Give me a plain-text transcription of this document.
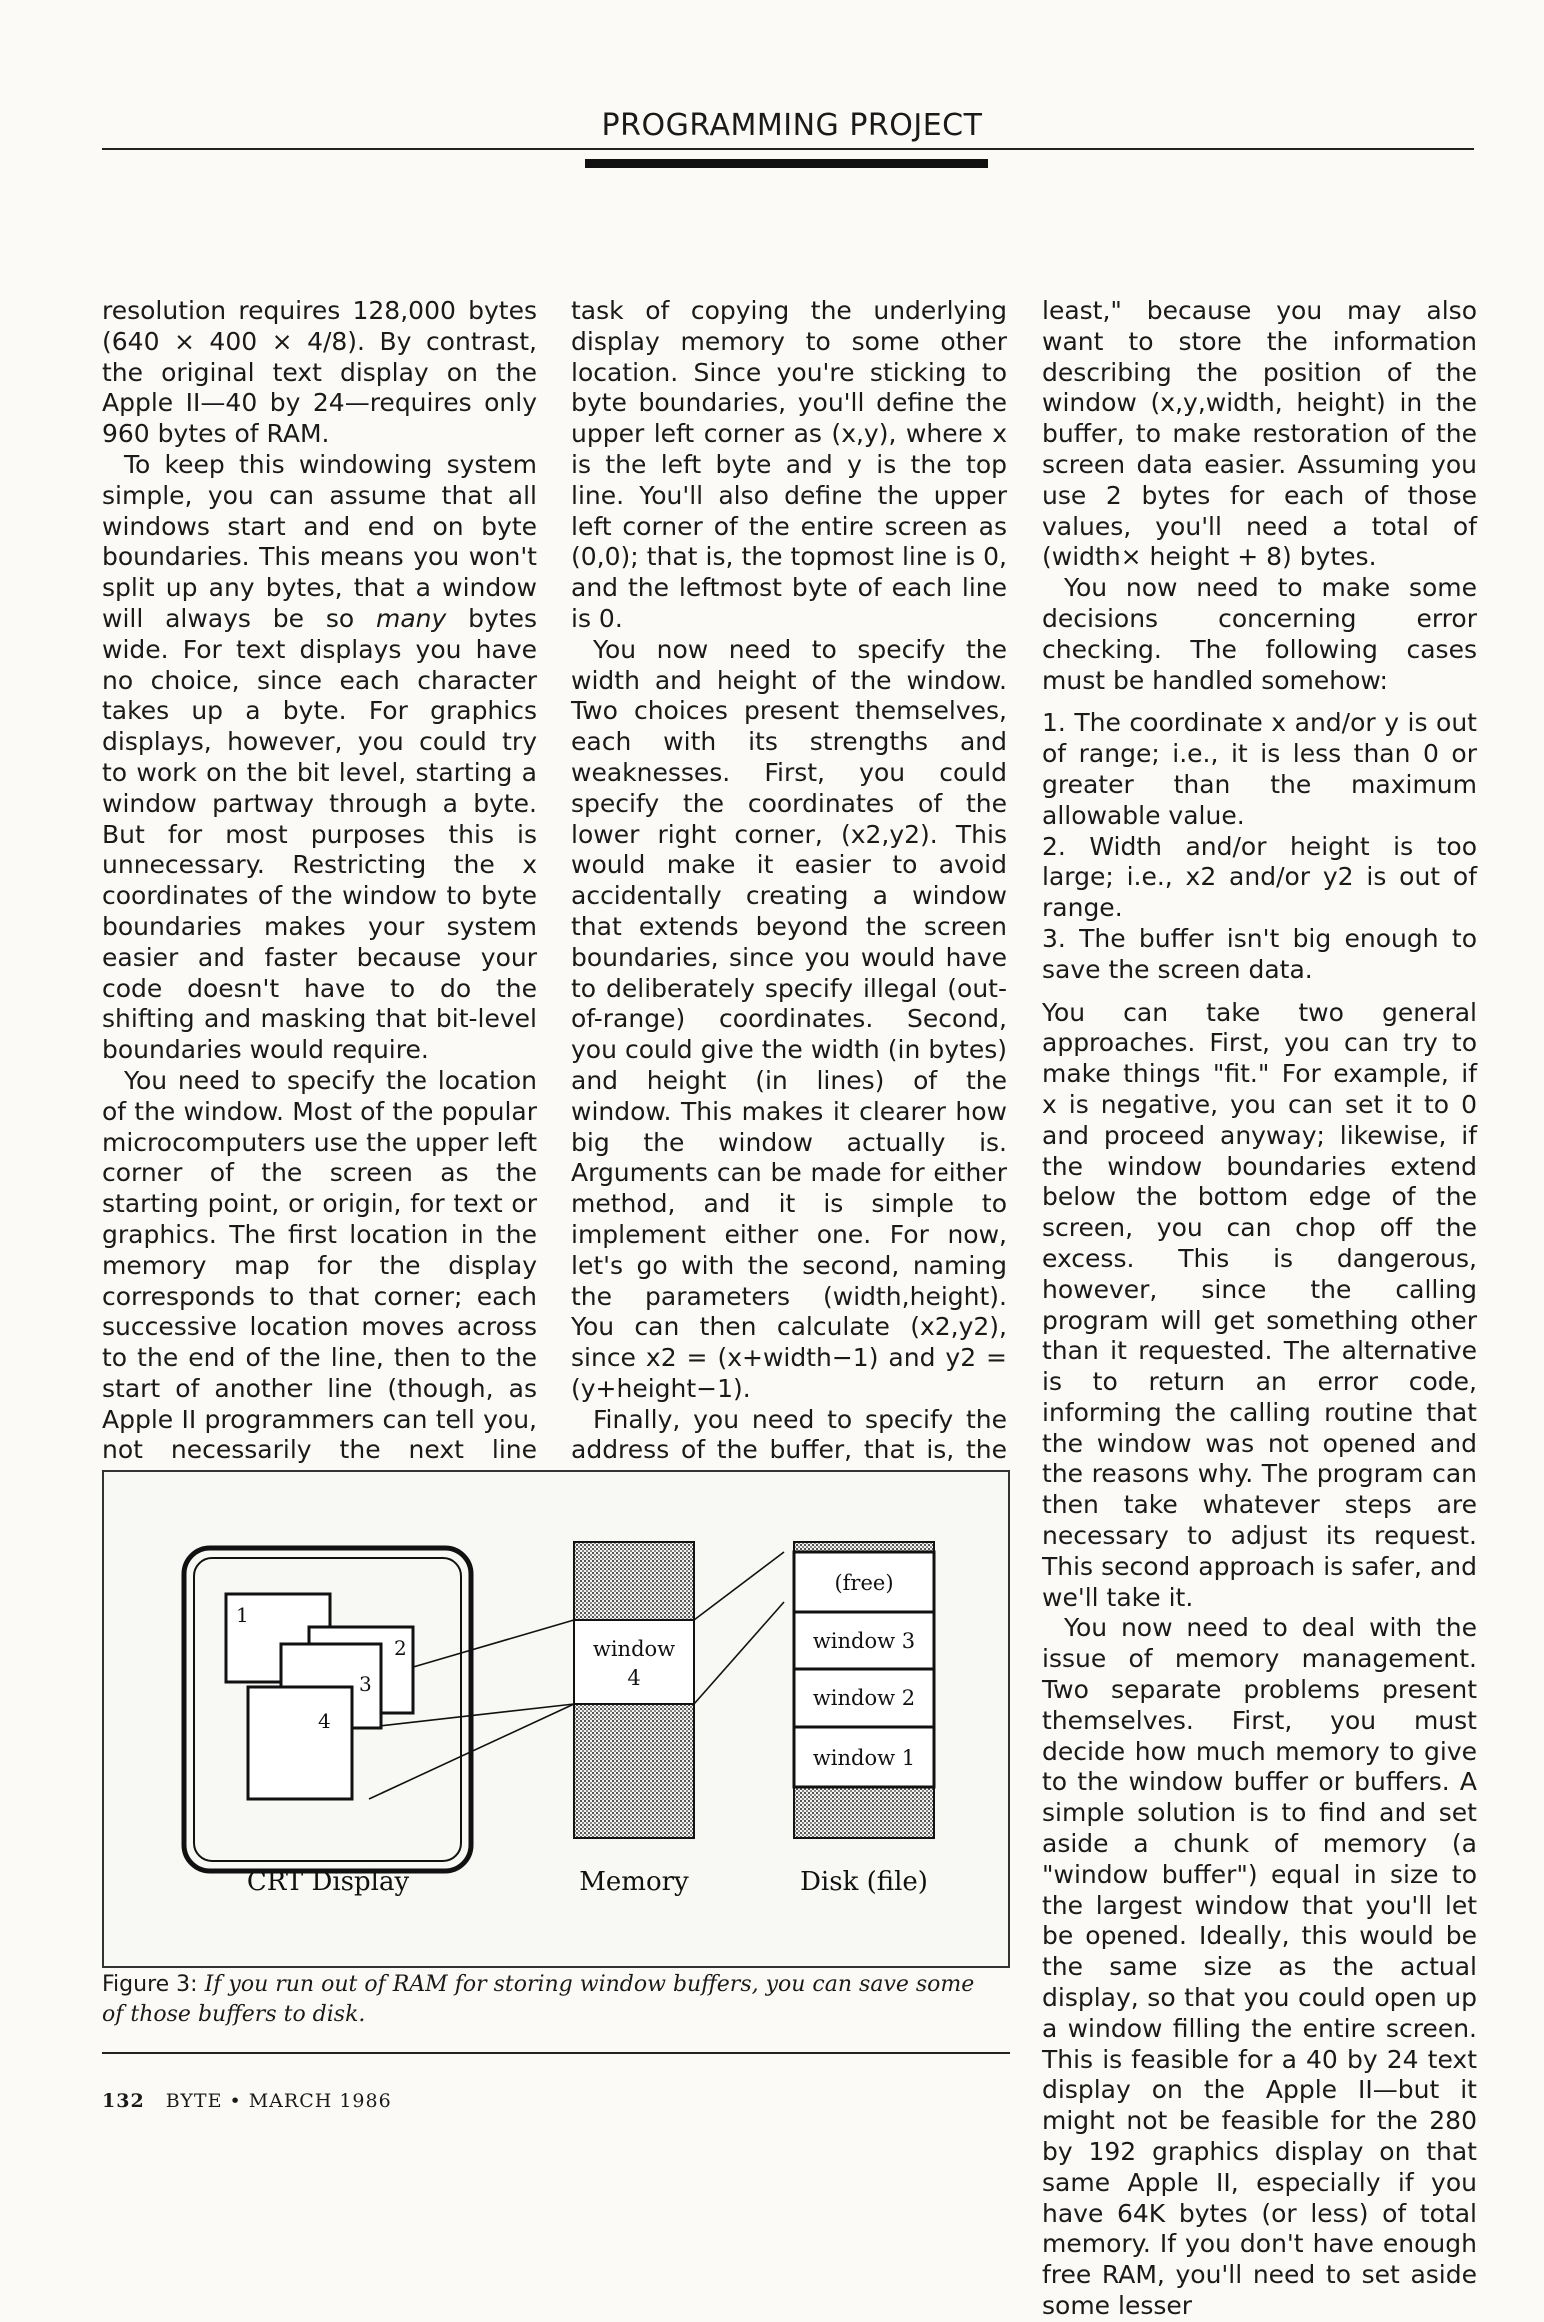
PROGRAMMING PROJECT

resolution requires 128,000 bytes (640 × 400 × 4/8). By contrast, the original text display on the Apple II—40 by 24—requires only 960 bytes of RAM.

To keep this windowing system simple, you can assume that all windows start and end on byte boundaries. This means you won't split up any bytes, that a window will always be so many bytes wide. For text displays you have no choice, since each character takes up a byte. For graphics displays, however, you could try to work on the bit level, starting a window partway through a byte. But for most purposes this is unnecessary. Restricting the x coordinates of the window to byte boundaries makes your system easier and faster because your code doesn't have to do the shifting and masking that bit-level boundaries would require.

You need to specify the location of the window. Most of the popular microcomputers use the upper left corner of the screen as the starting point, or origin, for text or graphics. The first location in the memory map for the display corresponds to that corner; each successive location moves across to the end of the line, then to the start of another line (though, as Apple II programmers can tell you, not necessarily the next line

task of copying the underlying display memory to some other location. Since you're sticking to byte boundaries, you'll define the upper left corner as (x,y), where x is the left byte and y is the top line. You'll also define the upper left corner of the entire screen as (0,0); that is, the topmost line is 0, and the leftmost byte of each line is 0.

You now need to specify the width and height of the window. Two choices present themselves, each with its strengths and weaknesses. First, you could specify the coordinates of the lower right corner, (x2,y2). This would make it easier to avoid accidentally creating a window that extends beyond the screen boundaries, since you would have to deliberately specify illegal (out-of-range) coordinates. Second, you could give the width (in bytes) and height (in lines) of the window. This makes it clearer how big the window actually is. Arguments can be made for either method, and it is simple to implement either one. For now, let's go with the second, naming the parameters (width,height). You can then calculate (x2,y2), since x2 = (x+width−1) and y2 = (y+height−1).

Finally, you need to specify the address of the buffer, that is, the

least," because you may also want to store the information describing the position of the window (x,y,width, height) in the buffer, to make restoration of the screen data easier. Assuming you use 2 bytes for each of those values, you'll need a total of (width× height + 8) bytes.

You now need to make some decisions concerning error checking. The following cases must be handled somehow:

1. The coordinate x and/or y is out of range; i.e., it is less than 0 or greater than the maximum allowable value.

2. Width and/or height is too large; i.e., x2 and/or y2 is out of range.

3. The buffer isn't big enough to save the screen data.

You can take two general approaches. First, you can try to make things "fit." For example, if x is negative, you can set it to 0 and proceed anyway; likewise, if the window boundaries extend below the bottom edge of the screen, you can chop off the excess. This is dangerous, however, since the calling program will get something other than it requested. The alternative is to return an error code, informing the calling routine that the window was not opened and the reasons why. The program can then take whatever steps are necessary to adjust its request. This second approach is safer, and we'll take it.

You now need to deal with the issue of memory management. Two separate problems present themselves. First, you must decide how much memory to give to the window buffer or buffers. A simple solution is to find and set aside a chunk of memory (a "window buffer") equal in size to the largest window that you'll let be opened. Ideally, this would be the same size as the actual display, so that you could open up a window filling the entire screen. This is feasible for a 40 by 24 text display on the Apple II—but it might not be feasible for the 280 by 192 graphics display on that same Apple II, especially if you have 64K bytes (or less) of total memory. If you don't have enough free RAM, you'll need to set aside some lesser

1
2
3
4
window
4
(free)
window 3
window 2
window 1
CRT Display	Memory	Disk (file)
Figure 3: If you run out of RAM for storing window buffers, you can save some of those buffers to disk.
132 BYTE • MARCH 1986
